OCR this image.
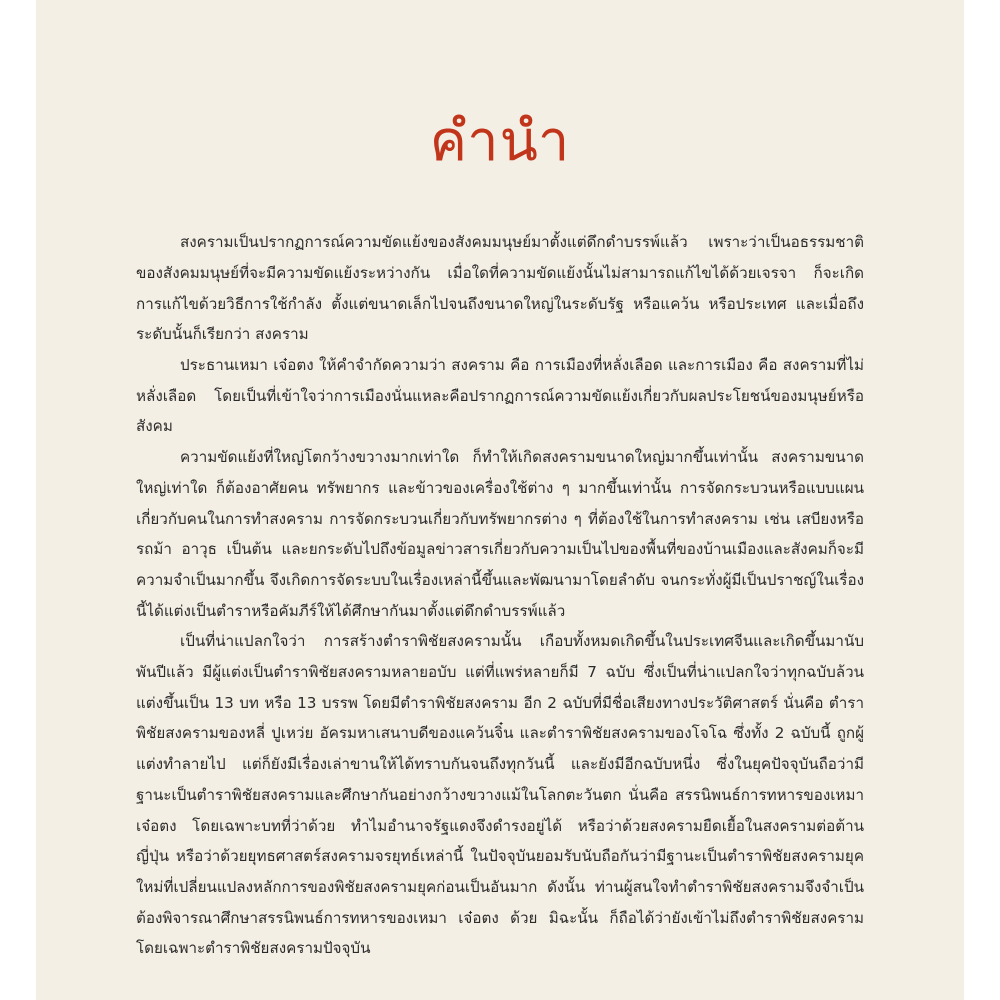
คำนำ

สงครามเป็นปรากฏการณ์ความขัดแย้งของสังคมมนุษย์มาตั้งแต่ดึกดำบรรพ์แล้ว เพราะว่าเป็นอธรรมชาติของสังคมมนุษย์ที่จะมีความขัดแย้งระหว่างกัน เมื่อใดที่ความขัดแย้งนั้นไม่สามารถแก้ไขได้ด้วยเจรจา ก็จะเกิดการแก้ไขด้วยวิธีการใช้กำลัง ตั้งแต่ขนาดเล็กไปจนถึงขนาดใหญ่ในระดับรัฐ หรือแคว้น หรือประเทศ และเมื่อถึงระดับนั้นก็เรียกว่า สงคราม

ประธานเหมา เจ๋อตง ให้คำจำกัดความว่า สงคราม คือ การเมืองที่หลั่งเลือด และการเมือง คือ สงครามที่ไม่หลั่งเลือด โดยเป็นที่เข้าใจว่าการเมืองนั่นแหละคือปรากฏการณ์ความขัดแย้งเกี่ยวกับผลประโยชน์ของมนุษย์หรือสังคม

ความขัดแย้งที่ใหญ่โตกว้างขวางมากเท่าใด ก็ทำให้เกิดสงครามขนาดใหญ่มากขึ้นเท่านั้น สงครามขนาดใหญ่เท่าใด ก็ต้องอาศัยคน ทรัพยากร และข้าวของเครื่องใช้ต่าง ๆ มากขึ้นเท่านั้น การจัดกระบวนหรือแบบแผนเกี่ยวกับคนในการทำสงคราม การจัดกระบวนเกี่ยวกับทรัพยากรต่าง ๆ ที่ต้องใช้ในการทำสงคราม เช่น เสบียงหรือรถม้า อาวุธ เป็นต้น และยกระดับไปถึงข้อมูลข่าวสารเกี่ยวกับความเป็นไปของพื้นที่ของบ้านเมืองและสังคมก็จะมีความจำเป็นมากขึ้น จึงเกิดการจัดระบบในเรื่องเหล่านี้ขึ้นและพัฒนามาโดยลำดับ จนกระทั่งผู้มีเป็นปราชญ์ในเรื่องนี้ได้แต่งเป็นตำราหรือคัมภีร์ให้ได้ศึกษากันมาตั้งแต่ดึกดำบรรพ์แล้ว

เป็นที่น่าแปลกใจว่า การสร้างตำราพิชัยสงครามนั้น เกือบทั้งหมดเกิดขึ้นในประเทศจีนและเกิดขึ้นมานับพันปีแล้ว มีผู้แต่งเป็นตำราพิชัยสงครามหลายอบับ แต่ที่แพร่หลายก็มี 7 ฉบับ ซึ่งเป็นที่น่าแปลกใจว่าทุกฉบับล้วนแต่งขึ้นเป็น 13 บท หรือ 13 บรรพ โดยมีตำราพิชัยสงคราม อีก 2 ฉบับที่มีชื่อเสียงทางประวัติศาสตร์ นั่นคือ ตำราพิชัยสงครามของหลี่ ปูเหว่ย อัครมหาเสนาบดีของแคว้นจิ๋น และตำราพิชัยสงครามของโจโฉ ซึ่งทั้ง 2 ฉบับนี้ ถูกผู้แต่งทำลายไป แต่ก็ยังมีเรื่องเล่าขานให้ได้ทราบกันจนถึงทุกวันนี้ และยังมีอีกฉบับหนึ่ง ซึ่งในยุคปัจจุบันถือว่ามีฐานะเป็นตำราพิชัยสงครามและศึกษากันอย่างกว้างขวางแม้ในโลกตะวันตก นั่นคือ สรรนิพนธ์การทหารของเหมา เจ๋อตง โดยเฉพาะบทที่ว่าด้วย ทำไมอำนาจรัฐแดงจึงดำรงอยู่ได้ หรือว่าด้วยสงครามยืดเยื้อในสงครามต่อต้านญี่ปุ่น หรือว่าด้วยยุทธศาสตร์สงครามจรยุทธ์เหล่านี้ ในปัจจุบันยอมรับนับถือกันว่ามีฐานะเป็นตำราพิชัยสงครามยุคใหม่ที่เปลี่ยนแปลงหลักการของพิชัยสงครามยุคก่อนเป็นอันมาก ดังนั้น ท่านผู้สนใจทำตำราพิชัยสงครามจึงจำเป็นต้องพิจารณาศึกษาสรรนิพนธ์การทหารของเหมา เจ๋อตง ด้วย มิฉะนั้น ก็ถือได้ว่ายังเข้าไม่ถึงตำราพิชัยสงคราม โดยเฉพาะตำราพิชัยสงครามปัจจุบัน
